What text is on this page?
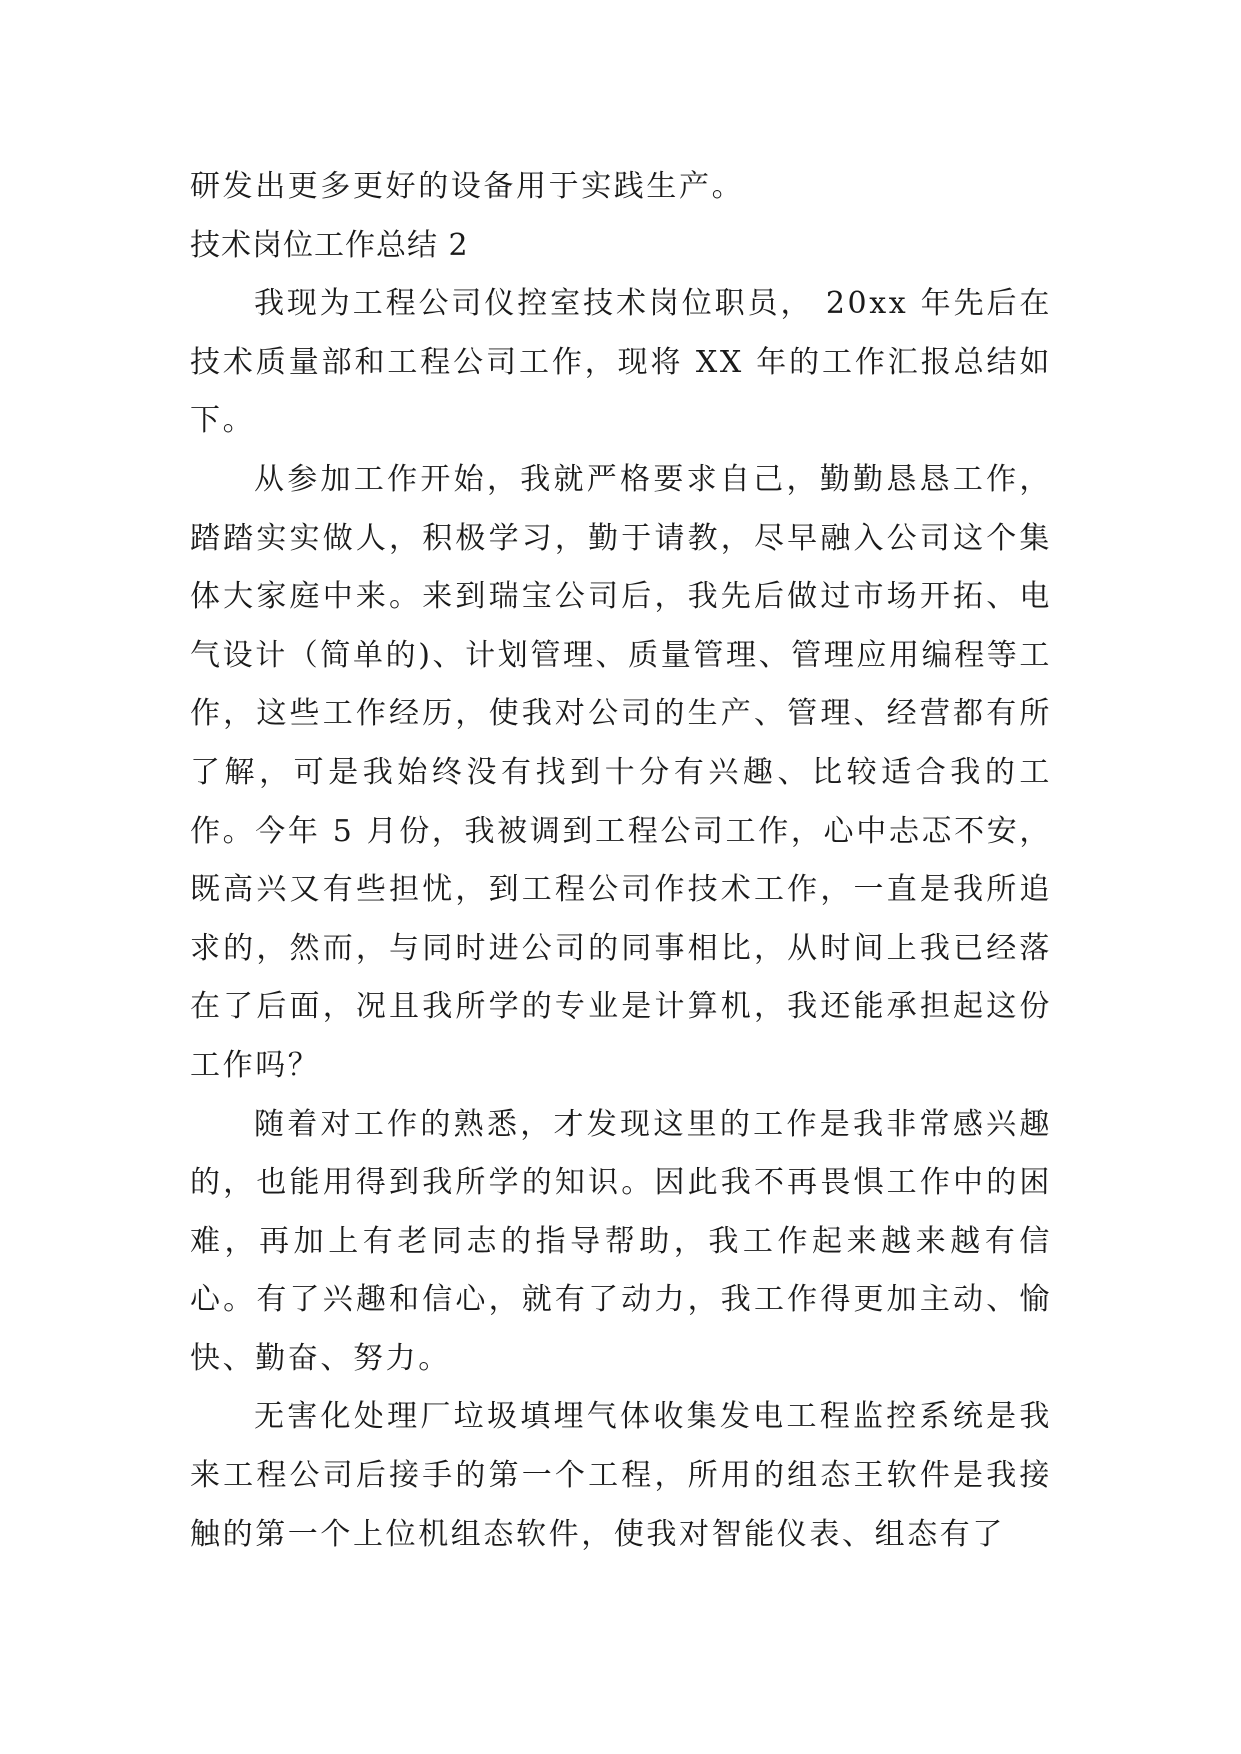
研发出更多更好的设备用于实践生产。

技术岗位工作总结 2

我现为工程公司仪控室技术岗位职员， 20xx 年先后在技术质量部和工程公司工作，现将 XX 年的工作汇报总结如下。

从参加工作开始，我就严格要求自己，勤勤恳恳工作，踏踏实实做人，积极学习，勤于请教，尽早融入公司这个集体大家庭中来。来到瑞宝公司后，我先后做过市场开拓、电气设计（简单的)、计划管理、质量管理、管理应用编程等工作，这些工作经历，使我对公司的生产、管理、经营都有所了解，可是我始终没有找到十分有兴趣、比较适合我的工作。今年 5 月份，我被调到工程公司工作，心中忐忑不安，既高兴又有些担忧，到工程公司作技术工作，一直是我所追求的，然而，与同时进公司的同事相比，从时间上我已经落在了后面，况且我所学的专业是计算机，我还能承担起这份工作吗？

随着对工作的熟悉，才发现这里的工作是我非常感兴趣的，也能用得到我所学的知识。因此我不再畏惧工作中的困难，再加上有老同志的指导帮助，我工作起来越来越有信心。有了兴趣和信心，就有了动力，我工作得更加主动、愉快、勤奋、努力。

无害化处理厂垃圾填埋气体收集发电工程监控系统是我来工程公司后接手的第一个工程，所用的组态王软件是我接触的第一个上位机组态软件，使我对智能仪表、组态有了
